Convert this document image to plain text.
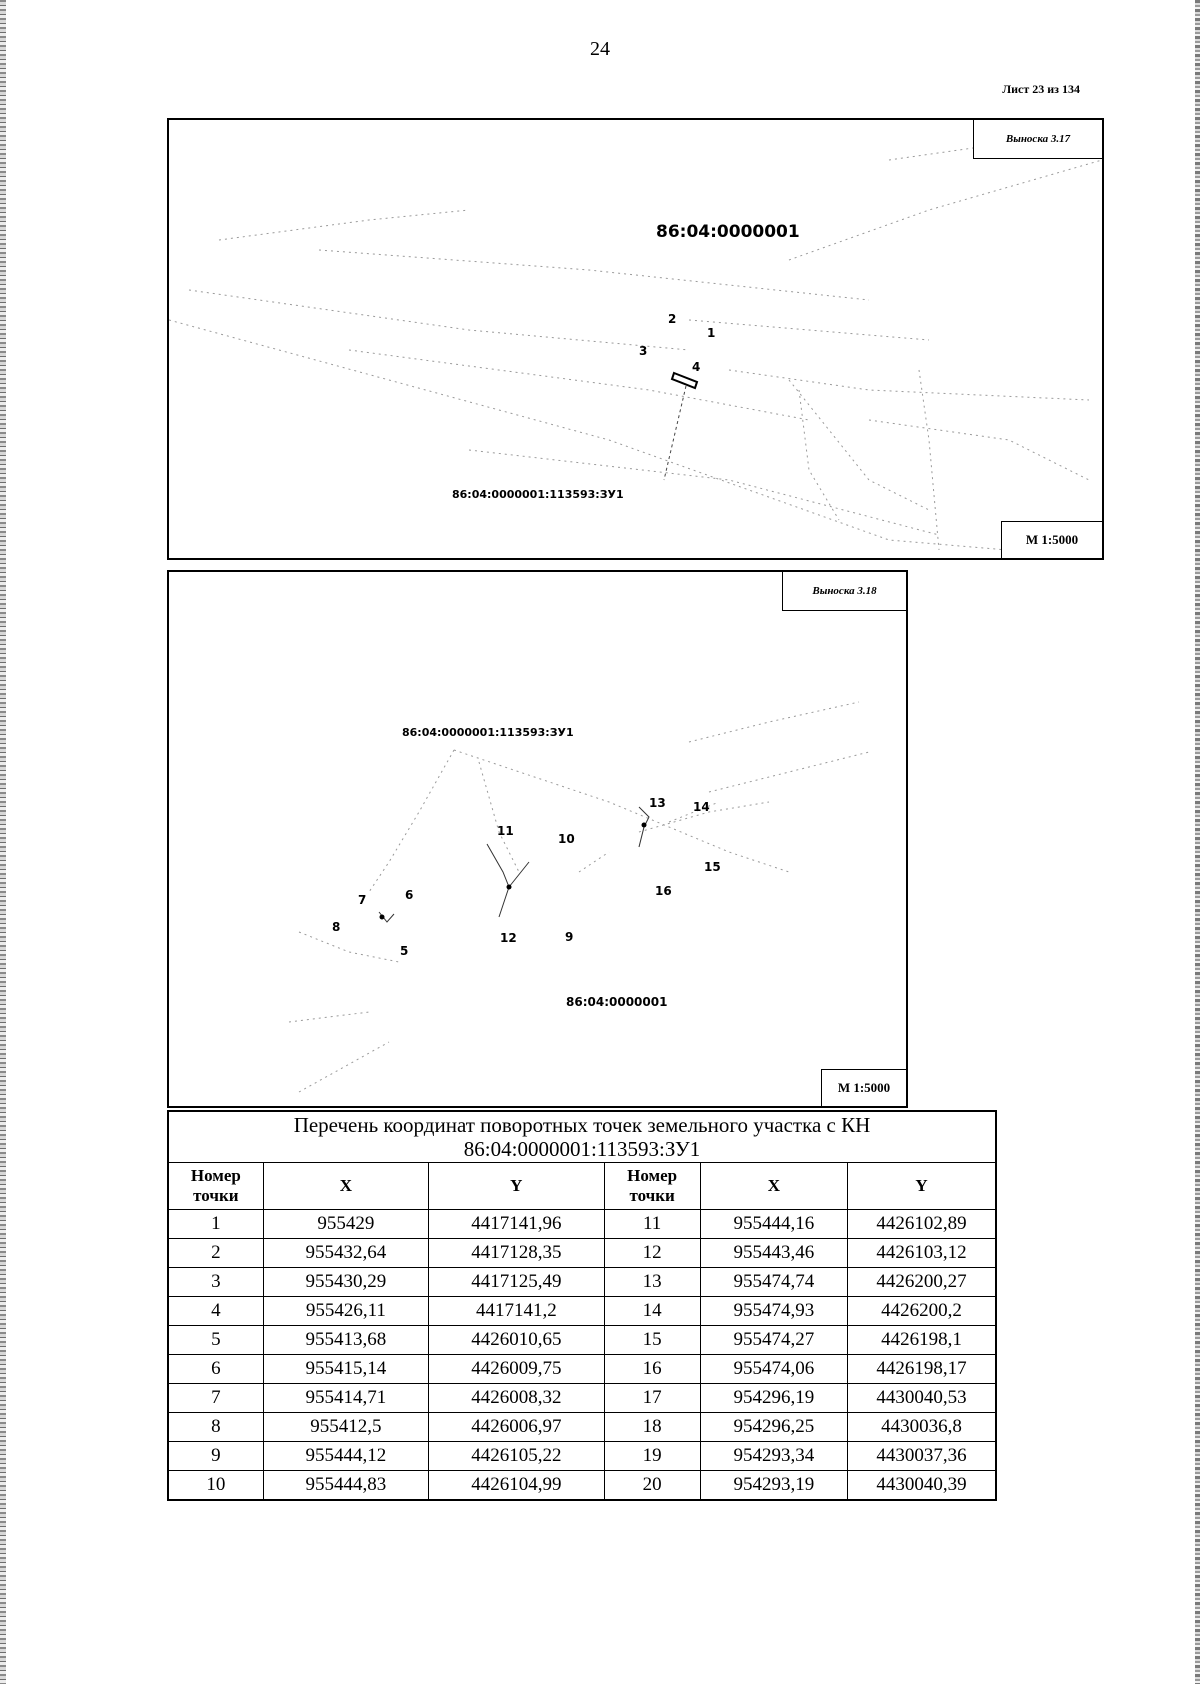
24
Лист 23 из 134
Выноска 3.17
86:04:0000001
2
1
3
4
86:04:0000001:113593:ЗУ1
М 1:5000
Выноска 3.18
86:04:0000001:113593:ЗУ1
5
6
7
8
9
10
11
12
13 14
15
16
86:04:0000001
М 1:5000
Перечень координат поворотных точек земельного участка с КН
86:04:0000001:113593:ЗУ1					

Номер точки	X	Y	Номер точки	X	Y
1	955429	4417141,96	11	955444,16	4426102,89
2	955432,64	4417128,35	12	955443,46	4426103,12
3	955430,29	4417125,49	13	955474,74	4426200,27
4	955426,11	4417141,2	14	955474,93	4426200,2
5	955413,68	4426010,65	15	955474,27	4426198,1
6	955415,14	4426009,75	16	955474,06	4426198,17
7	955414,71	4426008,32	17	954296,19	4430040,53
8	955412,5	4426006,97	18	954296,25	4430036,8
9	955444,12	4426105,22	19	954293,34	4430037,36
10	955444,83	4426104,99	20	954293,19	4430040,39
